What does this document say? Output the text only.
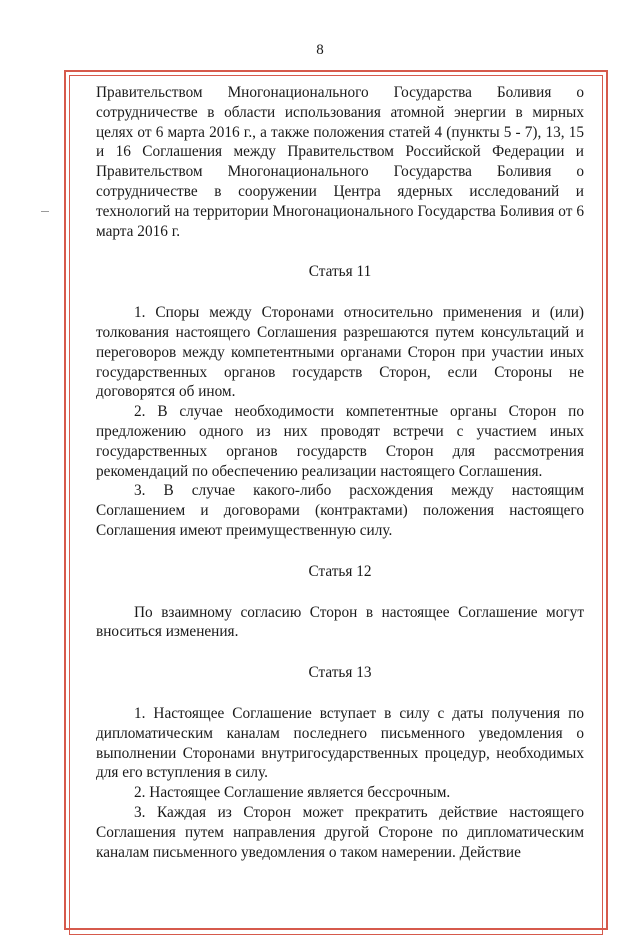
8

Правительством Многонационального Государства Боливия о сотрудничестве в области использования атомной энергии в мирных целях от 6 марта 2016 г., а также положения статей 4 (пункты 5 - 7), 13, 15 и 16 Соглашения между Правительством Российской Федерации и Правительством Многонационального Государства Боливия о сотрудничестве в сооружении Центра ядерных исследований и технологий на территории Многонационального Государства Боливия от 6 марта 2016 г.

Статья 11

1. Споры между Сторонами относительно применения и (или) толкования настоящего Соглашения разрешаются путем консультаций и переговоров между компетентными органами Сторон при участии иных государственных органов государств Сторон, если Стороны не договорятся об ином.

2. В случае необходимости компетентные органы Сторон по предложению одного из них проводят встречи с участием иных государственных органов государств Сторон для рассмотрения рекомендаций по обеспечению реализации настоящего Соглашения.

3. В случае какого-либо расхождения между настоящим Соглашением и договорами (контрактами) положения настоящего Соглашения имеют преимущественную силу.

Статья 12

По взаимному согласию Сторон в настоящее Соглашение могут вноситься изменения.

Статья 13

1. Настоящее Соглашение вступает в силу с даты получения по дипломатическим каналам последнего письменного уведомления о выполнении Сторонами внутригосударственных процедур, необходимых для его вступления в силу.

2. Настоящее Соглашение является бессрочным.

3. Каждая из Сторон может прекратить действие настоящего Соглашения путем направления другой Стороне по дипломатическим каналам письменного уведомления о таком намерении. Действие
